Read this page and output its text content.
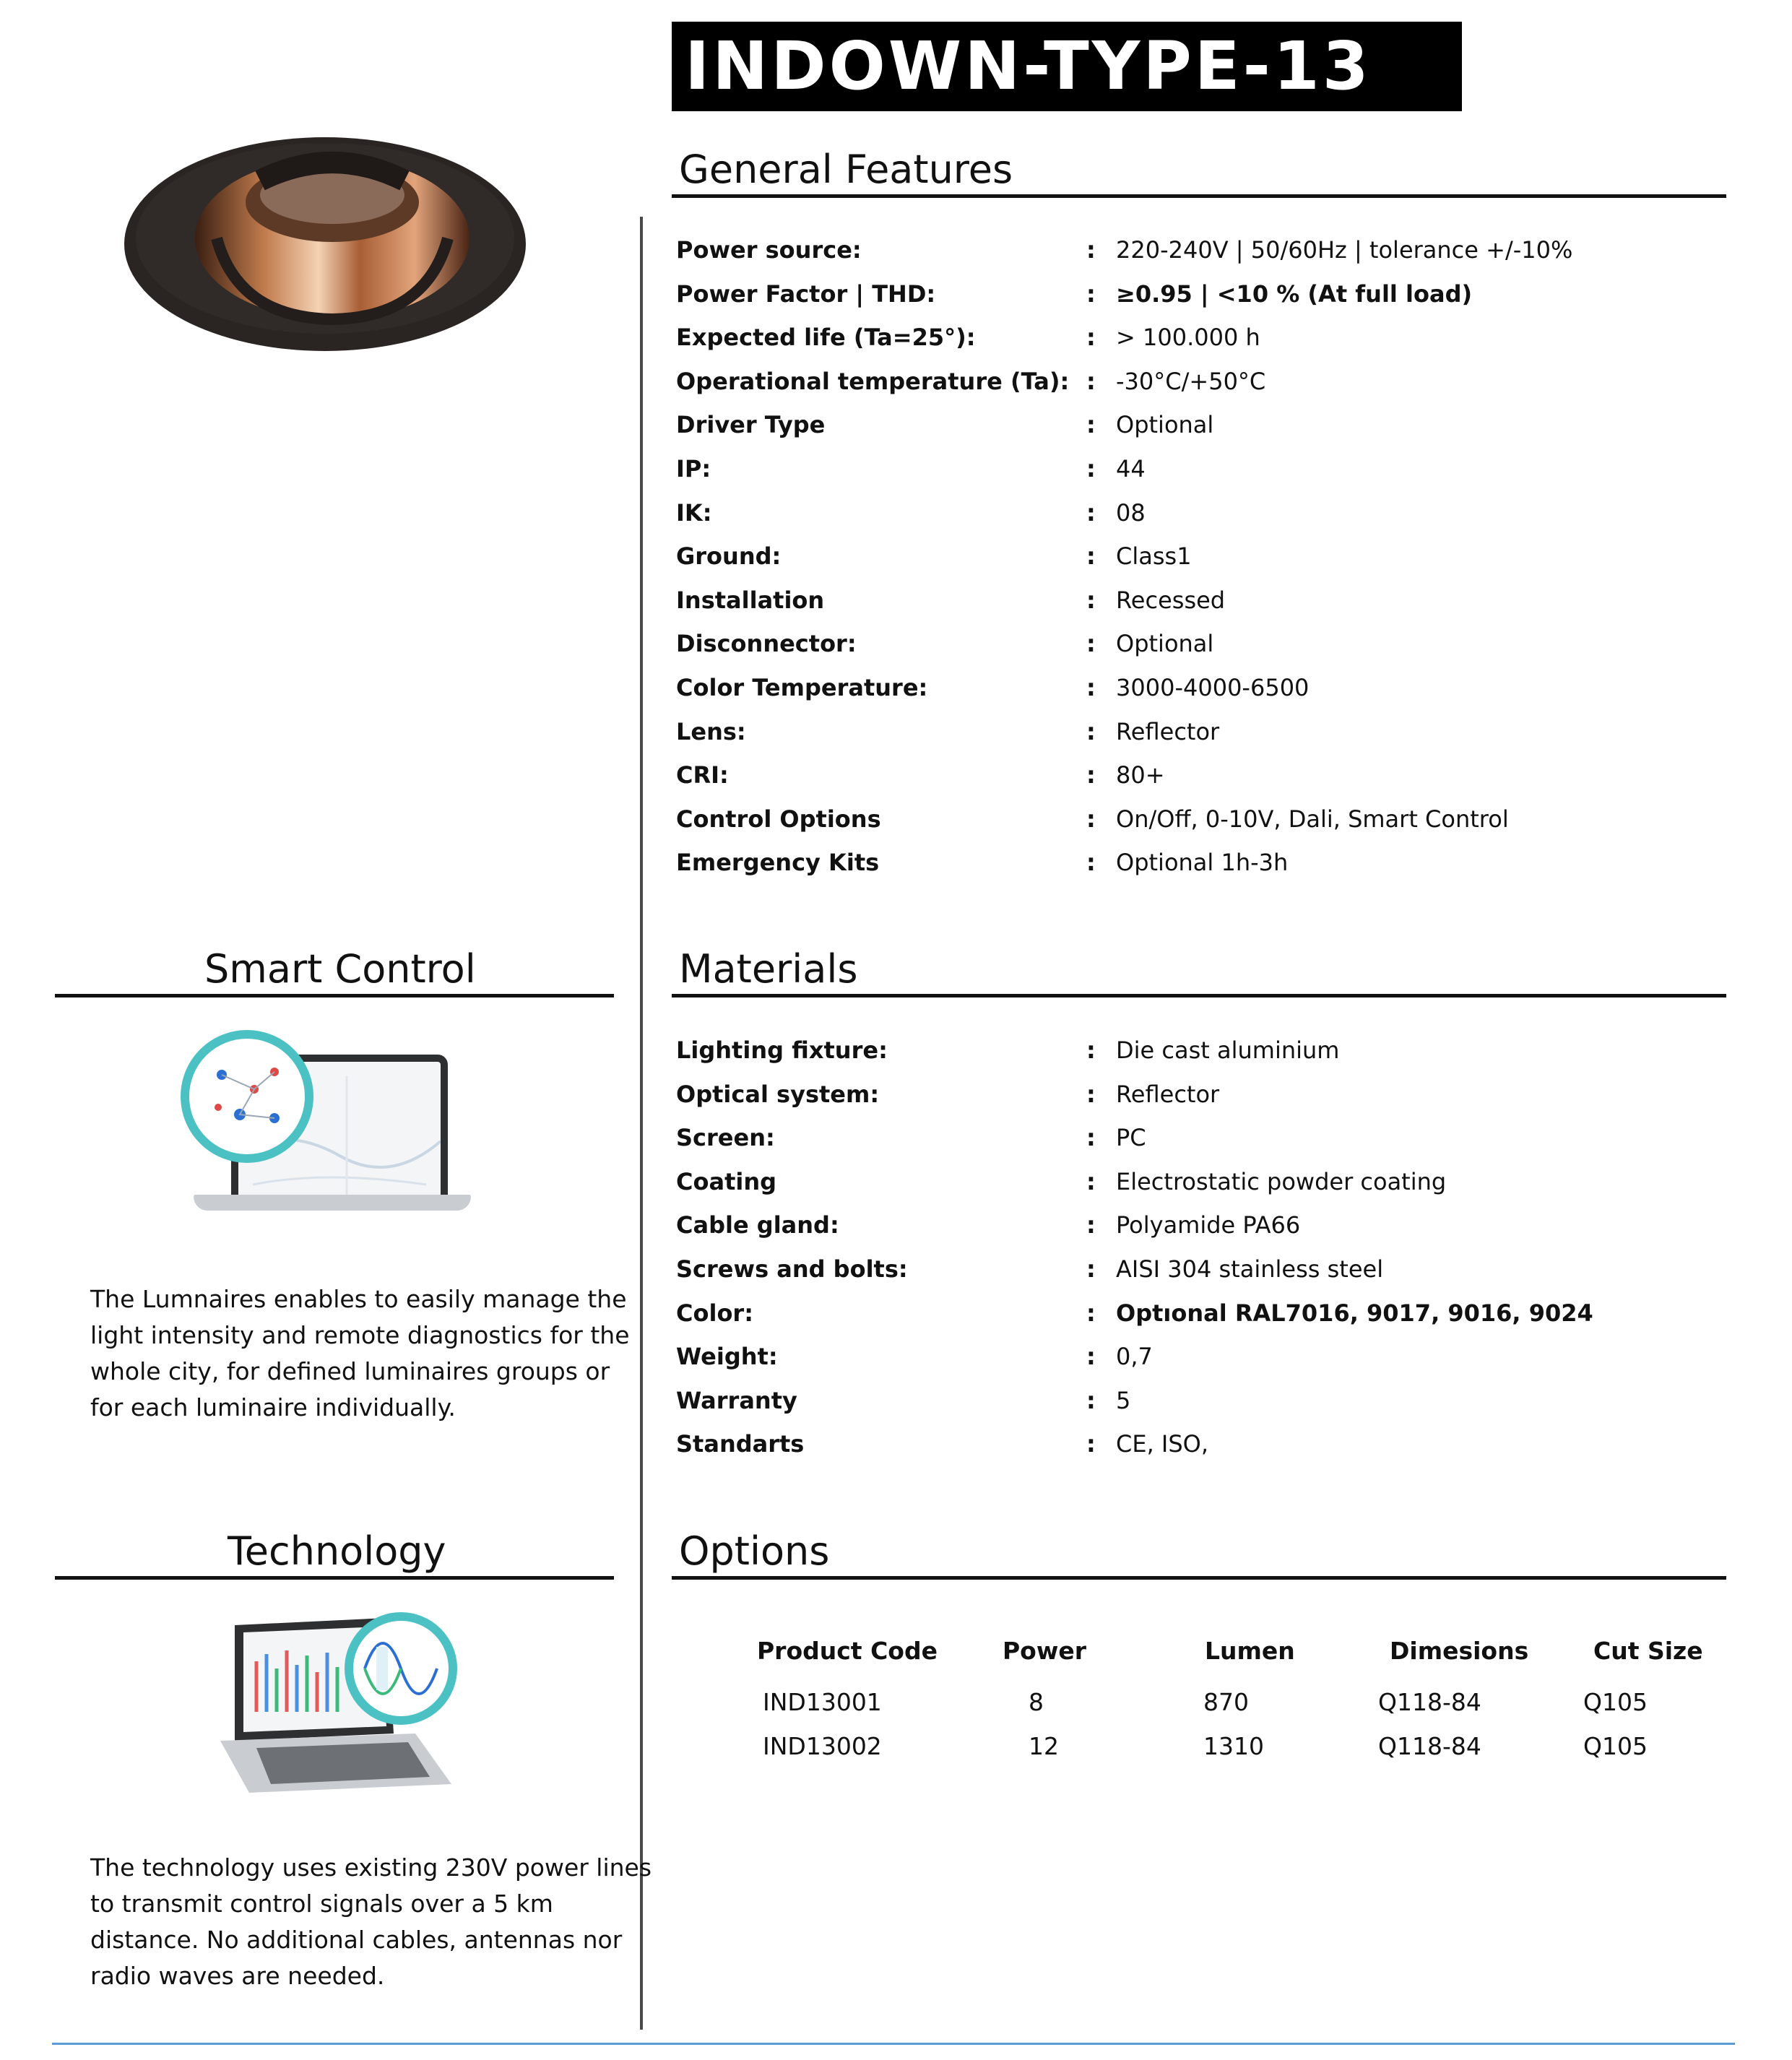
INDOWN-TYPE-13
General Features
Power source:	: 220-240V | 50/60Hz | tolerance +/-10%
Power Factor | THD:	: ≥0.95 | <10 % (At full load)
Expected life (Ta=25°):	: > 100.000 h
Operational temperature (Ta): : -30°C/+50°C
Driver Type	: Optional
IP:	: 44
IK:	: 08
Ground:	: Class1
Installation	: Recessed
Disconnector:	: Optional
Color Temperature:	: 3000-4000-6500
Lens:	: Reflector
CRI:	: 80+
Control Options	: On/Off, 0-10V, Dali, Smart Control
Emergency Kits	: Optional 1h-3h
Materials
Lighting fixture:	: Die cast aluminium
Optical system:	: Reflector
Screen:	: PC
Coating	: Electrostatic powder coating
Cable gland:	: Polyamide PA66
Screws and bolts:	: AISI 304 stainless steel
Color:	: Optıonal RAL7016, 9017, 9016, 9024
Weight:	: 0,7
Warranty	: 5
Standarts	: CE, ISO,
Options
Product Code	Power	Lumen	Dimesions	Cut Size
IND13001	8	870	Q118-84	Q105
IND13002	12	1310	Q118-84	Q105
Smart Control
The Lumnaires enables to easily manage the
light intensity and remote diagnostics for the
whole city, for defined luminaires groups or
for each luminaire individually.
Technology
The technology uses existing 230V power lines
to transmit control signals over a 5 km
distance. No additional cables, antennas nor
radio waves are needed.
